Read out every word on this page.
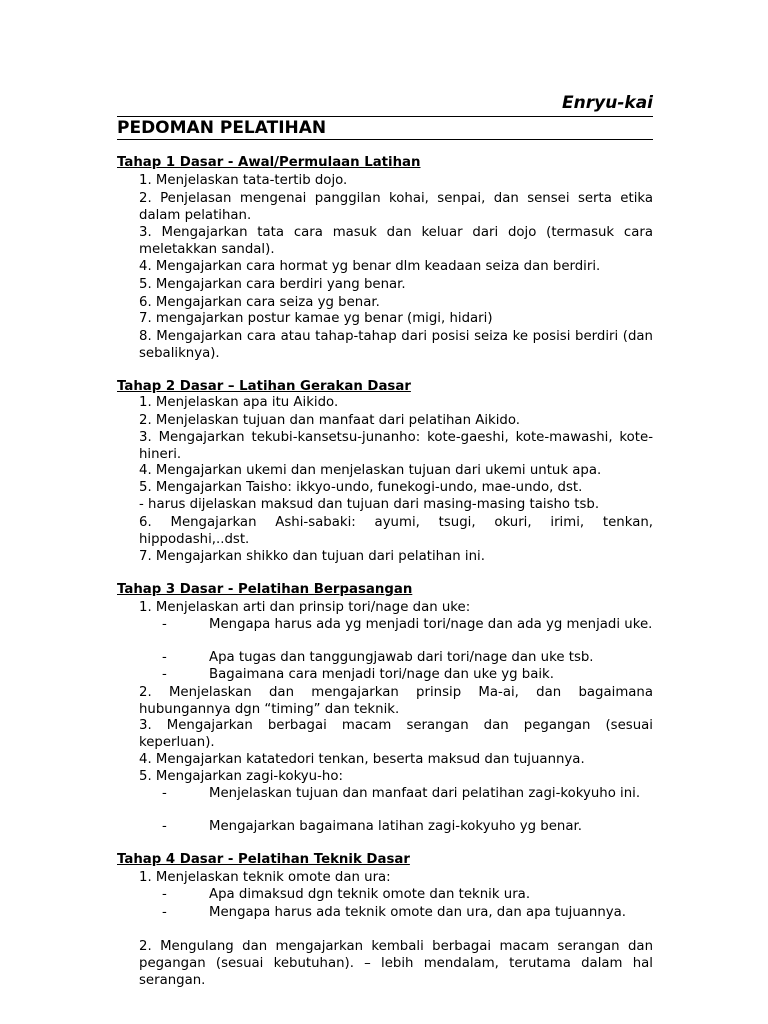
Enryu-kai
PEDOMAN PELATIHAN
Tahap 1 Dasar - Awal/Permulaan Latihan
1. Menjelaskan tata-tertib dojo.
2. Penjelasan mengenai panggilan kohai, senpai, dan sensei serta etika dalam pelatihan.
3. Mengajarkan tata cara masuk dan keluar dari dojo (termasuk cara meletakkan sandal).
4. Mengajarkan cara hormat yg benar dlm keadaan seiza dan berdiri.
5. Mengajarkan cara berdiri yang benar.
6. Mengajarkan cara seiza yg benar.
7. mengajarkan postur kamae yg benar (migi, hidari)
8. Mengajarkan cara atau tahap-tahap dari posisi seiza ke posisi berdiri (dan sebaliknya).
Tahap 2 Dasar – Latihan Gerakan Dasar
1. Menjelaskan apa itu Aikido.
2. Menjelaskan tujuan dan manfaat dari pelatihan Aikido.
3. Mengajarkan tekubi-kansetsu-junanho: kote-gaeshi, kote-mawashi, kote-hineri.
4. Mengajarkan ukemi dan menjelaskan tujuan dari ukemi untuk apa.
5. Mengajarkan Taisho: ikkyo-undo, funekogi-undo, mae-undo, dst.
- harus dijelaskan maksud dan tujuan dari masing-masing taisho tsb.
6. Mengajarkan Ashi-sabaki: ayumi, tsugi, okuri, irimi, tenkan, hippodashi,..dst.
7. Mengajarkan shikko dan tujuan dari pelatihan ini.
Tahap 3 Dasar - Pelatihan Berpasangan
1. Menjelaskan arti dan prinsip tori/nage dan uke:
-	Mengapa harus ada yg menjadi tori/nage dan ada yg menjadi uke.
-	Apa tugas dan tanggungjawab dari tori/nage dan uke tsb.
-	Bagaimana cara menjadi tori/nage dan uke yg baik.
2. Menjelaskan dan mengajarkan prinsip Ma-ai, dan bagaimana hubungannya dgn “timing” dan teknik.
3. Mengajarkan berbagai macam serangan dan pegangan (sesuai keperluan).
4. Mengajarkan katatedori tenkan, beserta maksud dan tujuannya.
5. Mengajarkan zagi-kokyu-ho:
-	Menjelaskan tujuan dan manfaat dari pelatihan zagi-kokyuho ini.
-	Mengajarkan bagaimana latihan zagi-kokyuho yg benar.
Tahap 4 Dasar - Pelatihan Teknik Dasar
1. Menjelaskan teknik omote dan ura:
-	Apa dimaksud dgn teknik omote dan teknik ura.
-	Mengapa harus ada teknik omote dan ura, dan apa tujuannya.
2. Mengulang dan mengajarkan kembali berbagai macam serangan dan pegangan (sesuai kebutuhan). – lebih mendalam, terutama dalam hal serangan.
